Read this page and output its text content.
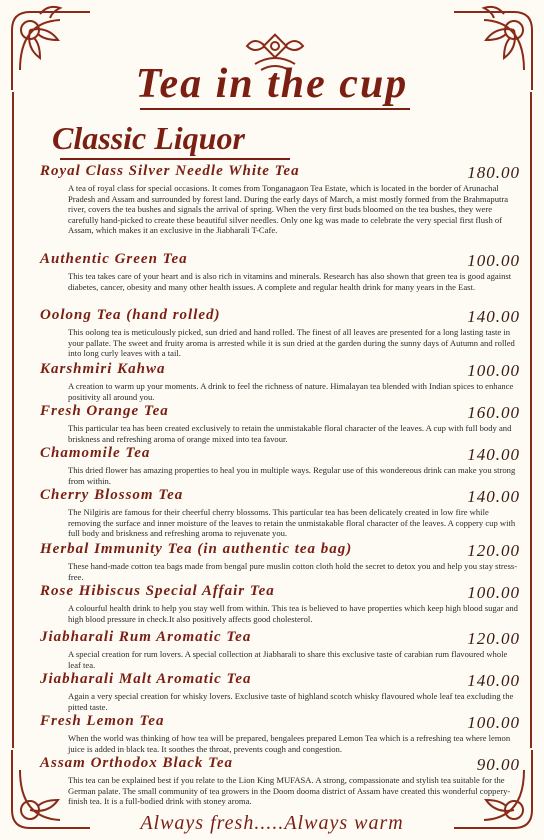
Tea in the cup
Classic Liquor
Royal Class Silver Needle White Tea	180.00
A tea of royal class for special occasions. It comes from Tonganagaon Tea Estate, which is located in the border of Arunachal Pradesh and Assam and surrounded by forest land. During the early days of March, a mist mostly formed from the Brahmaputra river, covers the tea bushes and signals the arrival of spring. When the very first buds bloomed on the tea bushes, they were carefully hand-picked to create these beautiful silver needles. Only one kg was made to celebrate the very special first flush of Assam, which makes it an exclusive in the Jiabharali T-Cafe.
Authentic Green Tea	100.00
This tea takes care of your heart and is also rich in vitamins and minerals. Research has also shown that green tea is good against diabetes, cancer, obesity and many other health issues. A complete and regular health drink for many years in the East.
Oolong Tea (hand rolled)	140.00
This oolong tea is meticulously picked, sun dried and hand rolled. The finest of all leaves are presented for a long lasting taste in your pallate. The sweet and fruity aroma is arrested while it is sun dried at the garden during the sunny days of Autumn and rolled into long curly leaves with a tail.
Karshmiri Kahwa	100.00
A creation to warm up your moments. A drink to feel the richness of nature. Himalayan tea blended with Indian spices to enhance positivity all around you.
Fresh Orange Tea	160.00
This particular tea has been created exclusively to retain the unmistakable floral character of the leaves. A cup with full body and briskness and refreshing aroma of orange mixed into tea favour.
Chamomile Tea	140.00
This dried flower has amazing properties to heal you in multiple ways. Regular use of this wondereous drink can make you strong from within.
Cherry Blossom Tea	140.00
The Nilgiris are famous for their cheerful cherry blossoms. This particular tea has been delicately created in low fire while removing the surface and inner moisture of the leaves to retain the unmistakable floral character of the leaves. A coppery cup with full body and briskness and refreshing aroma to rejuvenate you.
Herbal Immunity Tea (in authentic tea bag)	120.00
These hand-made cotton tea bags made from bengal pure muslin cotton cloth hold the secret to detox you and help you stay stress-free.
Rose Hibiscus Special Affair Tea	100.00
A colourful health drink to help you stay well from within. This tea is believed to have properties which keep high blood sugar and high blood pressure in check.It also positively affects good cholesterol.
Jiabharali Rum Aromatic Tea	120.00
A special creation for rum lovers. A special collection at Jiabharali to share this exclusive taste of carabian rum flavoured whole leaf tea.
Jiabharali Malt Aromatic Tea	140.00
Again a very special creation for whisky lovers. Exclusive taste of highland scotch whisky flavoured whole leaf tea excluding the pitted taste.
Fresh Lemon Tea	100.00
When the world was thinking of how tea will be prepared, bengalees prepared Lemon Tea which is a refreshing tea where lemon juice is added in black tea. It soothes the throat, prevents cough and congestion.
Assam Orthodox Black Tea	90.00
This tea can be explained best if you relate to the Lion King MUFASA. A strong, compassionate and stylish tea suitable for the German palate. The small community of tea growers in the Doom dooma district of Assam have created this wonderful coppery-finish tea. It is a full-bodied drink with stoney aroma.
Always fresh.....Always warm
